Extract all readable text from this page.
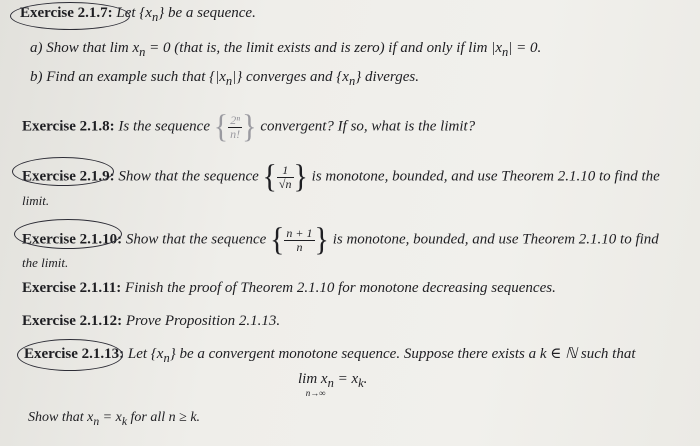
Exercise 2.1.7: Let $\{x_n\}$ be a sequence.
a) Show that $\lim x_n = 0$ (that is, the limit exists and is zero) if and only if $\lim |x_n| = 0$.
b) Find an example such that $\{|x_n|\}$ converges and $\{x_n\}$ diverges.
Exercise 2.1.8: Is the sequence { $\frac{\text{2ⁿ}}{n!}$ } convergent? If so, what is the limit?
Exercise 2.1.9: Show that the sequence { $\frac{1}{√n}$ } is monotone, bounded, and use Theorem 2.1.10 to find the
limit.
Exercise 2.1.10: Show that the sequence { $\frac{n + 1}{n}$ } is monotone, bounded, and use Theorem 2.1.10 to find
the limit.
Exercise 2.1.11: Finish the proof of Theorem 2.1.10 for monotone decreasing sequences.
Exercise 2.1.12: Prove Proposition 2.1.13.
Exercise 2.1.13: Let $\{x_n\}$ be a convergent monotone sequence. Suppose there exists a k ∈ ℕ such that
$\lim x_n = x_k$.
n→∞
Show that $x_n = x_k$ for all n ≥ k.
